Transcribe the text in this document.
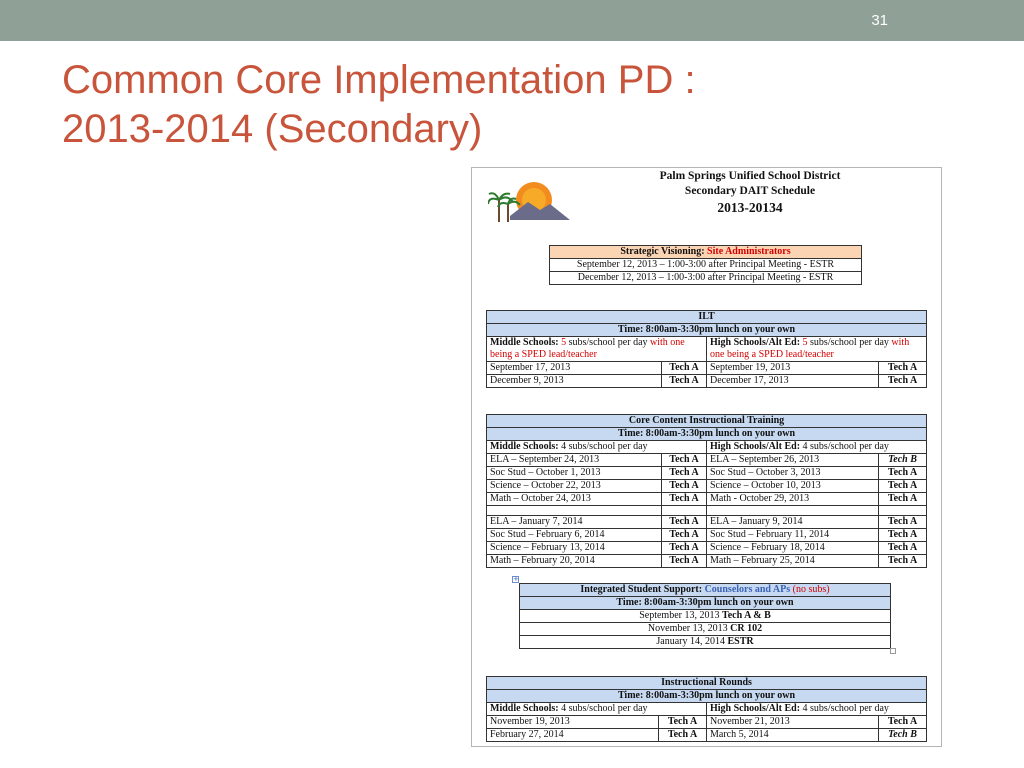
31
Common Core Implementation PD :
2013-2014 (Secondary)
Palm Springs Unified School District
Secondary DAIT Schedule
2013-20134
Strategic Visioning: Site Administrators
September 12, 2013 – 1:00-3:00 after Principal Meeting - ESTR
December 12, 2013 – 1:00-3:00 after Principal Meeting - ESTR
ILT			
Time: 8:00am-3:30pm lunch on your own			
Middle Schools: 5 subs/school per day with one being a SPED lead/teacher		High Schools/Alt Ed: 5 subs/school per day with one being a SPED lead/teacher	
September 17, 2013	Tech A	September 19, 2013	Tech A
December 9, 2013	Tech A	December 17, 2013	Tech A
Core Content Instructional Training			
Time: 8:00am-3:30pm lunch on your own			
Middle Schools: 4 subs/school per day		High Schools/Alt Ed: 4 subs/school per day	
ELA – September 24, 2013	Tech A	ELA – September 26, 2013	Tech B
Soc Stud – October 1, 2013	Tech A	Soc Stud – October 3, 2013	Tech A
Science – October 22, 2013	Tech A	Science – October 10, 2013	Tech A
Math – October 24, 2013	Tech A	Math - October 29, 2013	Tech A

ELA – January 7, 2014	Tech A	ELA – January 9, 2014	Tech A
Soc Stud – February 6, 2014	Tech A	Soc Stud – February 11, 2014	Tech A
Science – February 13, 2014	Tech A	Science – February 18, 2014	Tech A
Math – February 20, 2014	Tech A	Math – February 25, 2014	Tech A
+
Integrated Student Support: Counselors and APs (no subs)
Time: 8:00am-3:30pm lunch on your own
September 13, 2013 Tech A & B
November 13, 2013 CR 102
January 14, 2014 ESTR
Instructional Rounds			
Time: 8:00am-3:30pm lunch on your own			
Middle Schools: 4 subs/school per day		High Schools/Alt Ed: 4 subs/school per day	
November 19, 2013	Tech A	November 21, 2013	Tech A
February 27, 2014	Tech A	March 5, 2014	Tech B
